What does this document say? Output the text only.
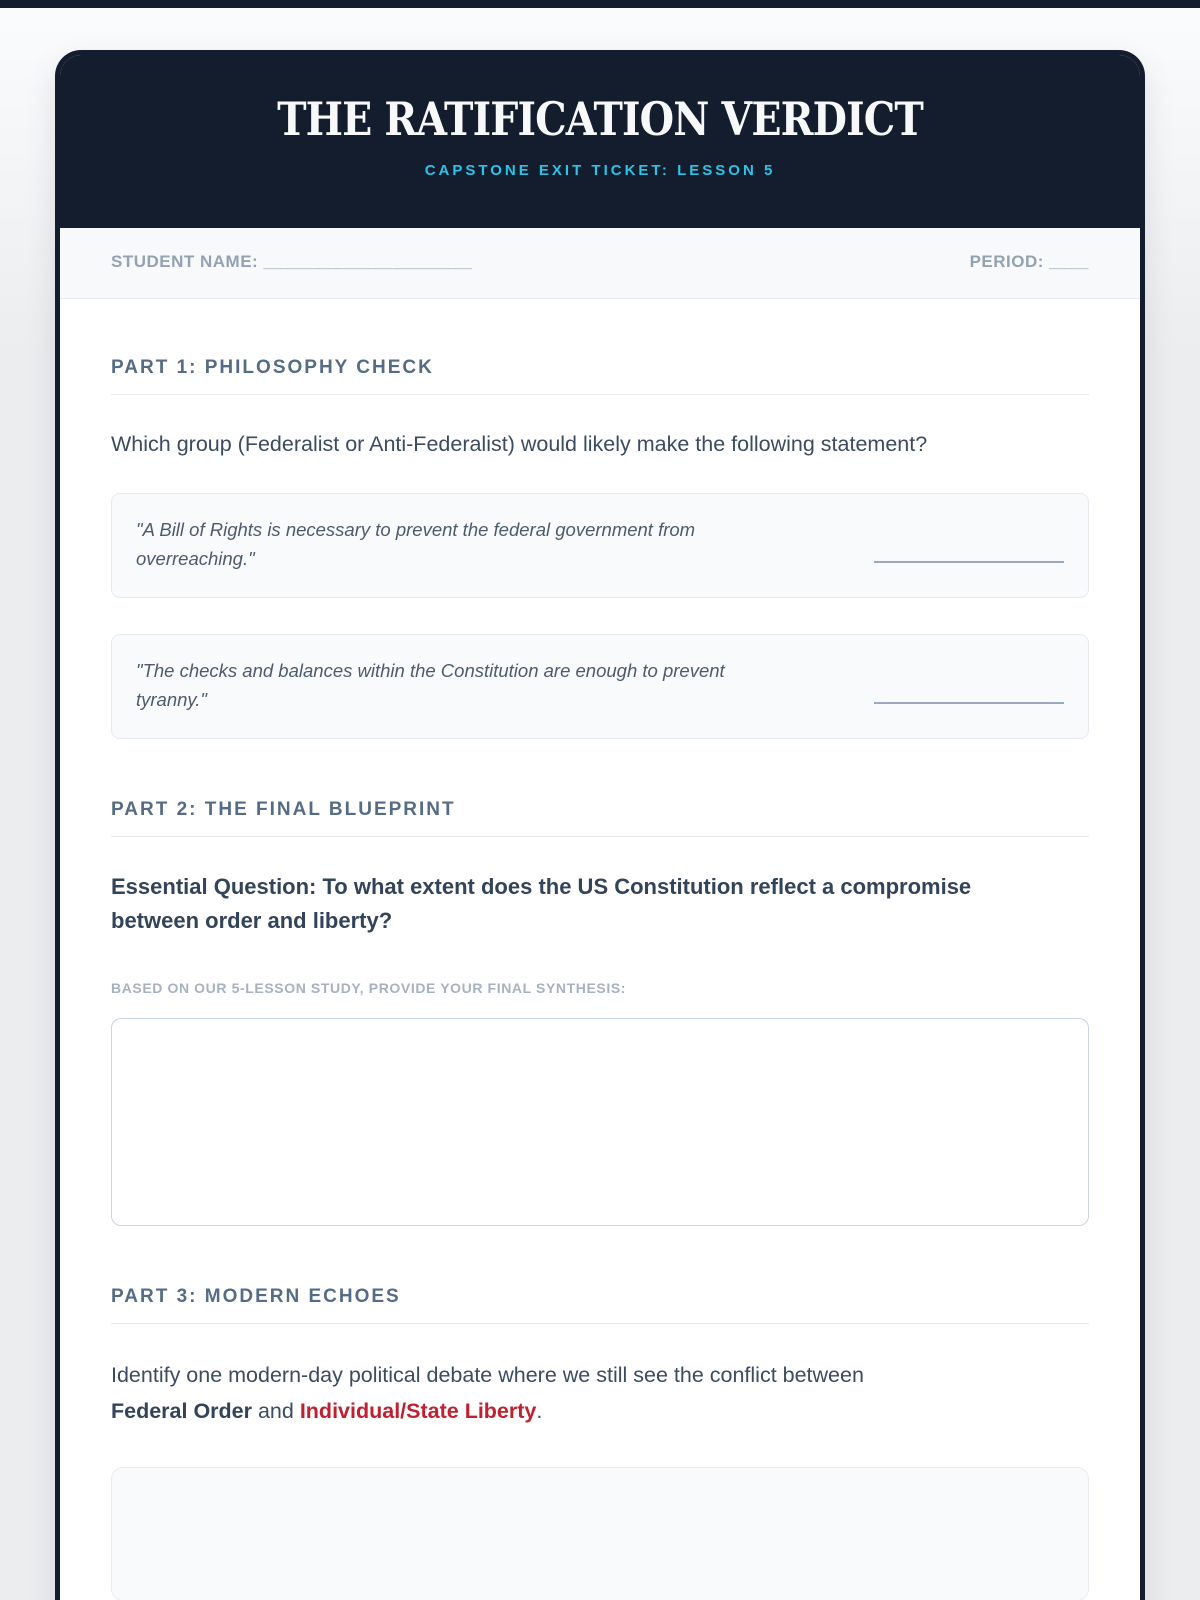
THE RATIFICATION VERDICT
CAPSTONE EXIT TICKET: LESSON 5
STUDENT NAME: _____________________	PERIOD: ____
PART 1: PHILOSOPHY CHECK

Which group (Federalist or Anti-Federalist) would likely make the following statement?

"A Bill of Rights is necessary to prevent the federal government from overreaching."
"The checks and balances within the Constitution are enough to prevent tyranny."
PART 2: THE FINAL BLUEPRINT

Essential Question: To what extent does the US Constitution reflect a compromise
between order and liberty?

BASED ON OUR 5-LESSON STUDY, PROVIDE YOUR FINAL SYNTHESIS:
PART 3: MODERN ECHOES

Identify one modern-day political debate where we still see the conflict between
Federal Order and Individual/State Liberty.
